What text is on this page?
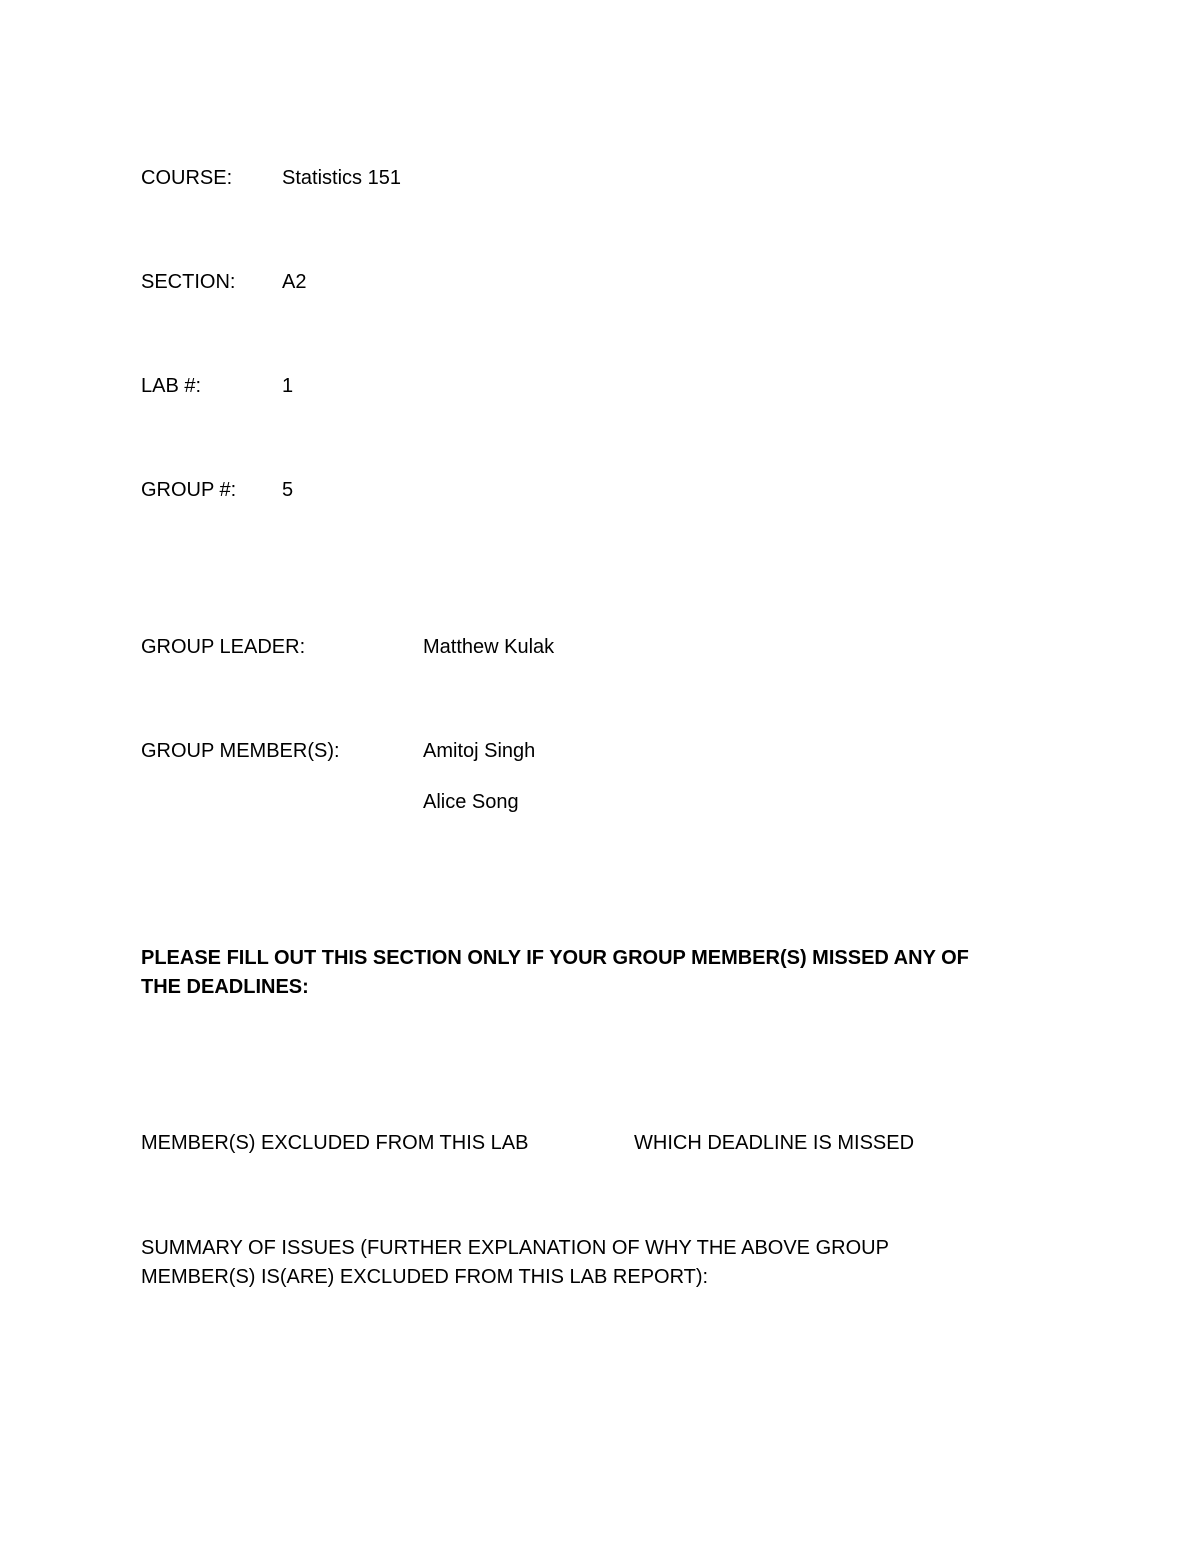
COURSE: Statistics 151
SECTION: A2
LAB #:	1
GROUP #: 5
GROUP LEADER:	Matthew Kulak
GROUP MEMBER(S):	Amitoj Singh
Alice Song
PLEASE FILL OUT THIS SECTION ONLY IF YOUR GROUP MEMBER(S) MISSED ANY OF
THE DEADLINES:
MEMBER(S) EXCLUDED FROM THIS LAB	WHICH DEADLINE IS MISSED
SUMMARY OF ISSUES (FURTHER EXPLANATION OF WHY THE ABOVE GROUP
MEMBER(S) IS(ARE) EXCLUDED FROM THIS LAB REPORT):
